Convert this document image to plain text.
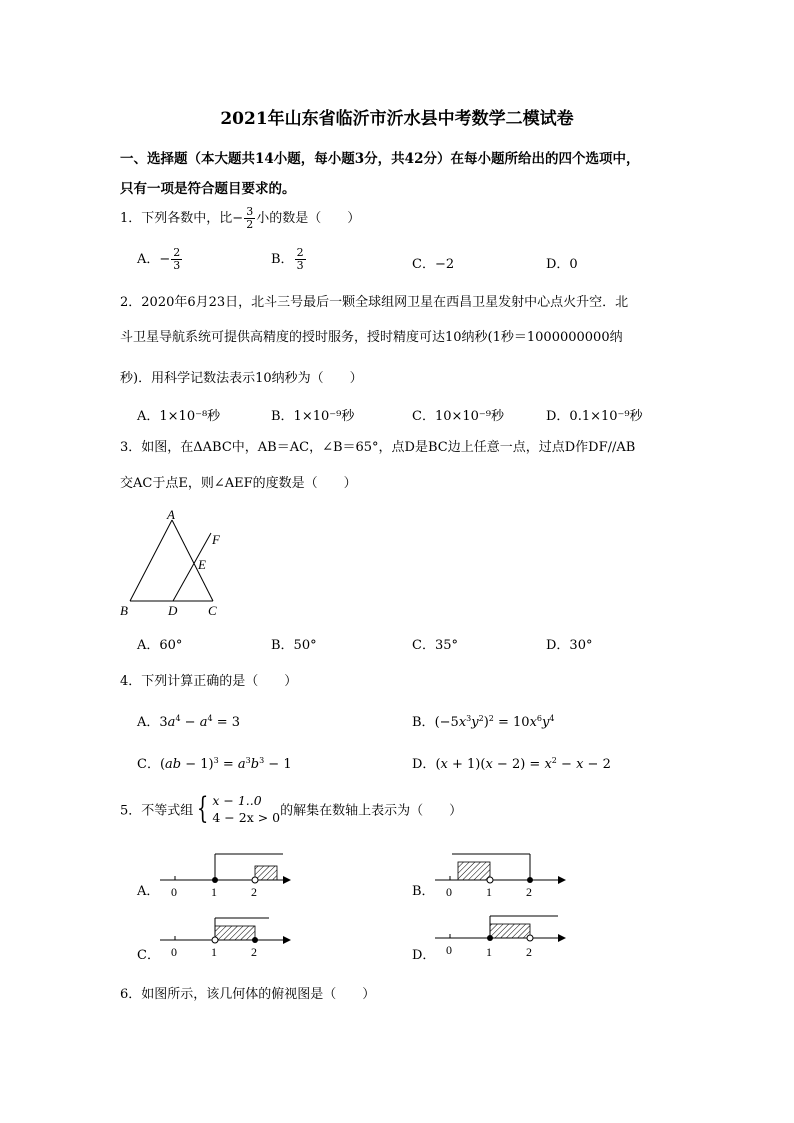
2021年山东省临沂市沂水县中考数学二模试卷
一、选择题（本大题共14小题，每小题3分，共42分）在每小题所给出的四个选项中，
只有一项是符合题目要求的。
1．下列各数中，比− $\frac{3}{2}$ 小的数是（　　）
A．− $\frac{2}{3}$	B． $\frac{2}{3}$	C．−2	D．0
2．2020年6月23日，北斗三号最后一颗全球组网卫星在西昌卫星发射中心点火升空．北
斗卫星导航系统可提供高精度的授时服务，授时精度可达10纳秒(1秒＝1000000000纳
秒)．用科学记数法表示10纳秒为（　　）
A．1×10⁻⁸秒	B．1×10⁻⁹秒	C．10×10⁻⁹秒	D．0.1×10⁻⁹秒
3．如图，在ΔABC中，AB＝AC，∠B＝65°，点D是BC边上任意一点，过点D作DF//AB
交AC于点E，则∠AEF的度数是（　　）
A
B	C
D
E
F
A．60°	B．50°	C．35°	D．30°
4．下列计算正确的是（　　）
A．$3a^4 - a^4 = 3$	B．$(-5x^3y^2)^2 = 10x^6y^4$
C．$(ab - 1)^3 = a^3b^3 - 1$	D．$(x + 1)(x - 2) = x^2 - x - 2$
5．不等式组 { x − 1..0
4 − 2x > 0 的解集在数轴上表示为（　　）
A． 0	1	2	B． 0	1	2
C． 0	1	2	D． 0	1	2
6．如图所示，该几何体的俯视图是（　　）
